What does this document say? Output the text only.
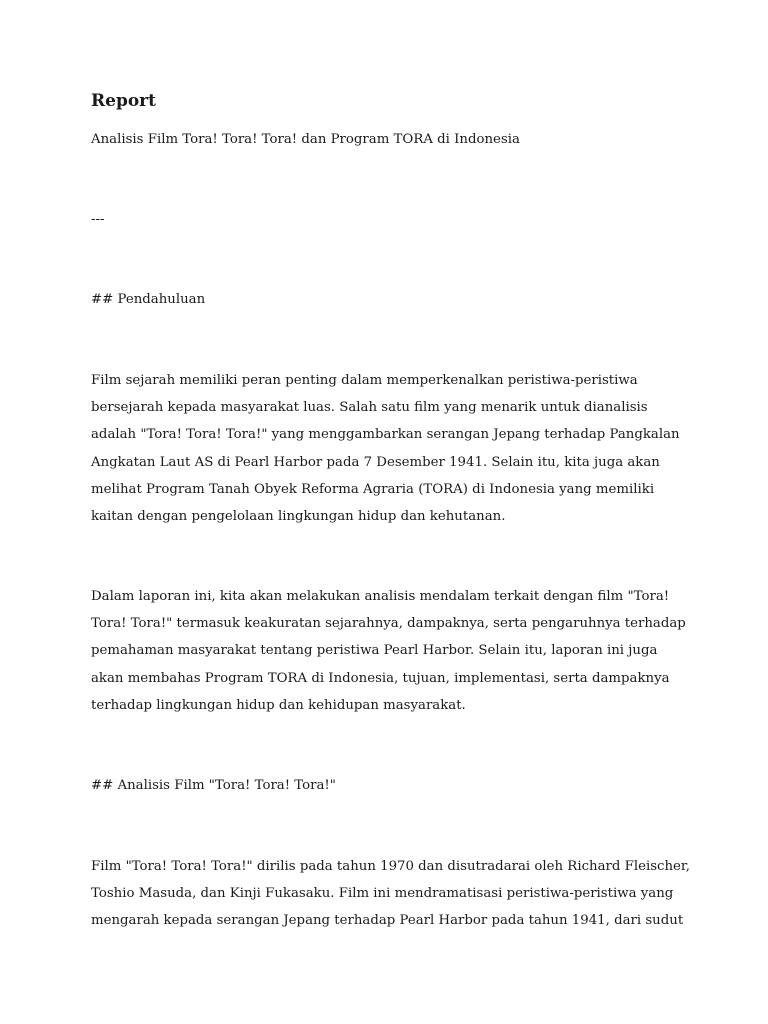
Report
Analisis Film Tora! Tora! Tora! dan Program TORA di Indonesia
---
## Pendahuluan

Film sejarah memiliki peran penting dalam memperkenalkan peristiwa-peristiwa bersejarah kepada masyarakat luas. Salah satu film yang menarik untuk dianalisis adalah "Tora! Tora! Tora!" yang menggambarkan serangan Jepang terhadap Pangkalan Angkatan Laut AS di Pearl Harbor pada 7 Desember 1941. Selain itu, kita juga akan melihat Program Tanah Obyek Reforma Agraria (TORA) di Indonesia yang memiliki kaitan dengan pengelolaan lingkungan hidup dan kehutanan.

Dalam laporan ini, kita akan melakukan analisis mendalam terkait dengan film "Tora! Tora! Tora!" termasuk keakuratan sejarahnya, dampaknya, serta pengaruhnya terhadap pemahaman masyarakat tentang peristiwa Pearl Harbor. Selain itu, laporan ini juga akan membahas Program TORA di Indonesia, tujuan, implementasi, serta dampaknya terhadap lingkungan hidup dan kehidupan masyarakat.

## Analisis Film "Tora! Tora! Tora!"

Film "Tora! Tora! Tora!" dirilis pada tahun 1970 dan disutradarai oleh Richard Fleischer, Toshio Masuda, dan Kinji Fukasaku. Film ini mendramatisasi peristiwa-peristiwa yang mengarah kepada serangan Jepang terhadap Pearl Harbor pada tahun 1941, dari sudut
